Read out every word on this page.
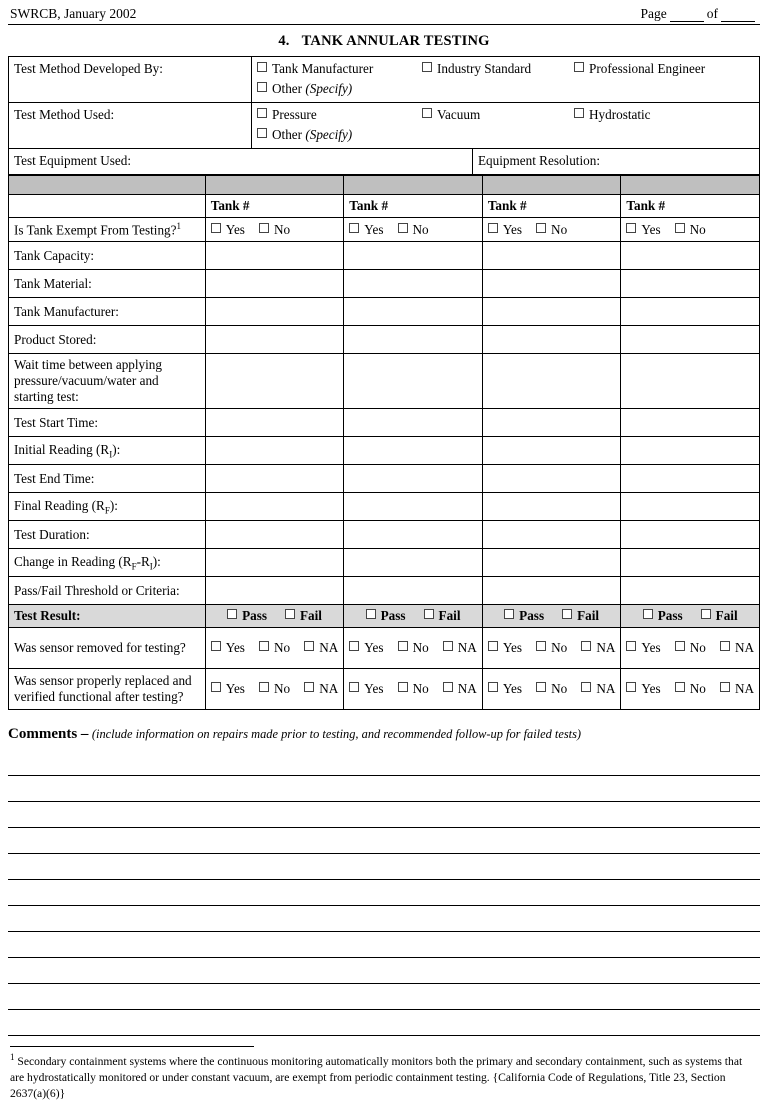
SWRCB, January 2002	Page	of
4. TANK ANNULAR TESTING
Test Method Developed By:	Tank Manufacturer Industry Standard Professional Engineer
Other (Specify)	

Test Method Used:	Pressure Vacuum Hydrostatic
Other (Specify)	

Test Equipment Used:		Equipment Resolution:

	Tank #	Tank #	Tank #	Tank #
Is Tank Exempt From Testing?$^1$	Yes No	Yes No	Yes No	Yes No

Tank Capacity:				
Tank Material:				
Tank Manufacturer:				
Product Stored:				
Wait time between applying pressure/vacuum/water and starting test:				
Test Start Time:				
Initial Reading $(R_I)$:				
Test End Time:				
Final Reading $(R_F)$:				
Test Duration:				
Change in Reading $(R_F-R_I)$:				
Pass/Fail Threshold or Criteria:				
Test Result:	Pass Fail	Pass Fail	Pass Fail	Pass Fail

Was sensor removed for testing?	Yes No NA	Yes No NA	Yes No NA	Yes No NA

Was sensor properly replaced and verified functional after testing?	Yes No NA	Yes No NA	Yes No NA	Yes No NA
Comments – (include information on repairs made prior to testing, and recommended follow-up for failed tests)
$^1$ Secondary containment systems where the continuous monitoring automatically monitors both the primary and secondary containment, such as systems that are hydrostatically monitored or under constant vacuum, are exempt from periodic containment testing. {California Code of Regulations, Title 23, Section 2637(a)(6)}
